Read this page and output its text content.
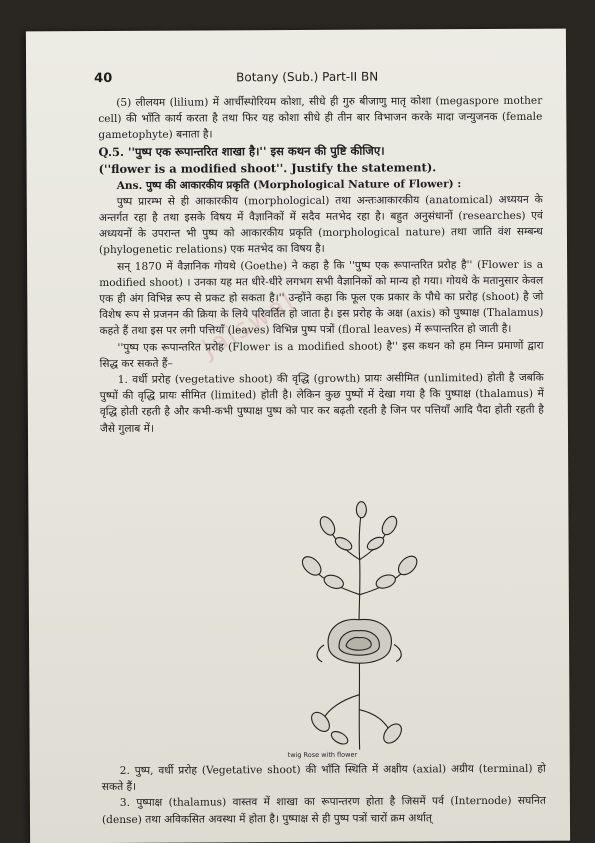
40	Botany (Sub.) Part-II BN
Jaiswal

(5) लीलयम (lilium) में आर्चीस्पोरियम कोशा, सीधे ही गुरु बीजाणु मातृ कोशा (megaspore mother cell) की भाँति कार्य करता है तथा फिर यह कोशा सीधे ही तीन बार विभाजन करके मादा जन्युजनक (female gametophyte) बनाता है।

Q.5. ''पुष्प एक रूपान्तरित शाखा है।'' इस कथन की पुष्टि कीजिए।

(''flower is a modified shoot''. Justify the statement).

Ans. पुष्प की आकारकीय प्रकृति (Morphological Nature of Flower) :

पुष्प प्रारम्भ से ही आकारकीय (morphological) तथा अन्तःआकारकीय (anatomical) अध्ययन के अन्तर्गत रहा है तथा इसके विषय में वैज्ञानिकों में सदैव मतभेद रहा है। बहुत अनुसंधानों (researches) एवं अध्ययनों के उपरान्त भी पुष्प को आकारकीय प्रकृति (morphological nature) तथा जाति वंश सम्बन्ध (phylogenetic relations) एक मतभेद का विषय है।

सन् 1870 में वैज्ञानिक गोयथे (Goethe) ने कहा है कि ''पुष्प एक रूपान्तरित प्ररोह है'' (Flower is a modified shoot) । उनका यह मत धीरे-धीरे लगभग सभी वैज्ञानिकों को मान्य हो गया। गोयथे के मतानुसार केवल एक ही अंग विभिन्न रूप से प्रकट हो सकता है।'' उन्होंने कहा कि फूल एक प्रकार के पौधे का प्ररोह (shoot) है जो विशेष रूप से प्रजनन की क्रिया के लिये परिवर्तित हो जाता है। इस प्ररोह के अक्ष (axis) को पुष्पाक्ष (Thalamus) कहते हैं तथा इस पर लगी पत्तियाँ (leaves) विभिन्न पुष्प पत्रों (floral leaves) में रूपान्तरित हो जाती है।

''पुष्प एक रूपान्तरित प्ररोह (Flower is a modified shoot) है'' इस कथन को हम निम्न प्रमाणों द्वारा सिद्ध कर सकते हैं–

1. वर्धी प्ररोह (vegetative shoot) की वृद्धि (growth) प्रायः असीमित (unlimited) होती है जबकि पुष्पों की वृद्धि प्रायः सीमित (limited) होती है। लेकिन कुछ पुष्पों में देखा गया है कि पुष्पाक्ष (thalamus) में वृद्धि होती रहती है और कभी-कभी पुष्पाक्ष पुष्प को पार कर बढ़ती रहती है जिन पर पत्तियाँ आदि पैदा होती रहती है जैसे गुलाब में।

twig Rose with flower

2. पुष्प, वर्धी प्ररोह (Vegetative shoot) की भाँति स्थिति में अक्षीय (axial) अग्रीय (terminal) हो सकते हैं।

3. पुष्पाक्ष (thalamus) वास्तव में शाखा का रूपान्तरण होता है जिसमें पर्व (Internode) सघनित (dense) तथा अविकसित अवस्था में होता है। पुष्पाक्ष से ही पुष्प पत्रों चारों क्रम अर्थात्
